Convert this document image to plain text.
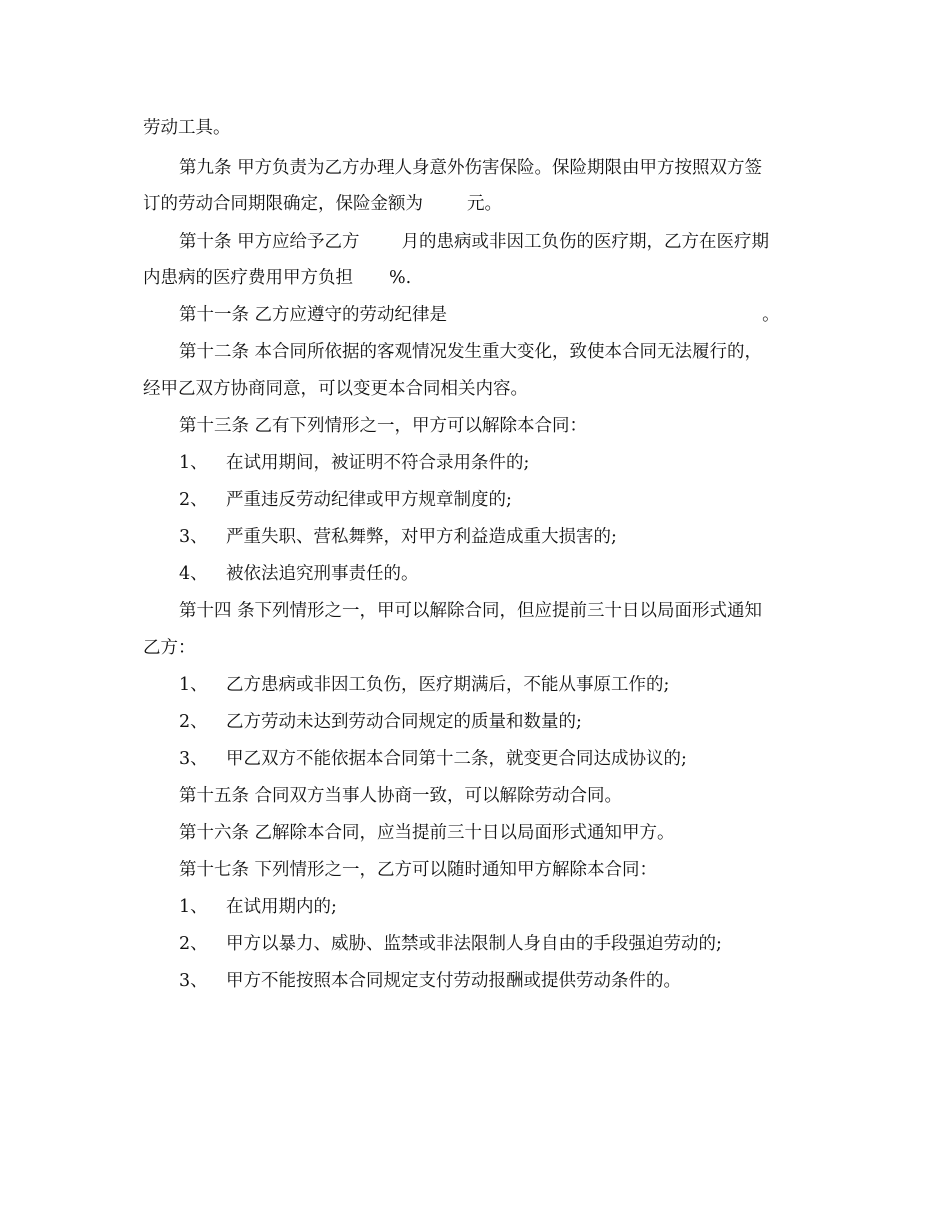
劳动工具。
第九条 甲方负责为乙方办理人身意外伤害保险。保险期限由甲方按照双方签
订的劳动合同期限确定，保险金额为	元。
第十条 甲方应给予乙方 月的患病或非因工负伤的医疗期，乙方在医疗期
内患病的医疗费用甲方负担 %.
第十一条 乙方应遵守的劳动纪律是	。
第十二条 本合同所依据的客观情况发生重大变化，致使本合同无法履行的，
经甲乙双方协商同意，可以变更本合同相关内容。
第十三条 乙有下列情形之一，甲方可以解除本合同：
1、 在试用期间，被证明不符合录用条件的;
2、 严重违反劳动纪律或甲方规章制度的;
3、 严重失职、营私舞弊，对甲方利益造成重大损害的;
4、 被依法追究刑事责任的。
第十四 条下列情形之一，甲可以解除合同，但应提前三十日以局面形式通知
乙方：
1、 乙方患病或非因工负伤，医疗期满后，不能从事原工作的;
2、 乙方劳动未达到劳动合同规定的质量和数量的;
3、 甲乙双方不能依据本合同第十二条，就变更合同达成协议的;
第十五条 合同双方当事人协商一致，可以解除劳动合同。
第十六条 乙解除本合同，应当提前三十日以局面形式通知甲方。
第十七条 下列情形之一，乙方可以随时通知甲方解除本合同：
1、 在试用期内的;
2、 甲方以暴力、威胁、监禁或非法限制人身自由的手段强迫劳动的;
3、 甲方不能按照本合同规定支付劳动报酬或提供劳动条件的。
